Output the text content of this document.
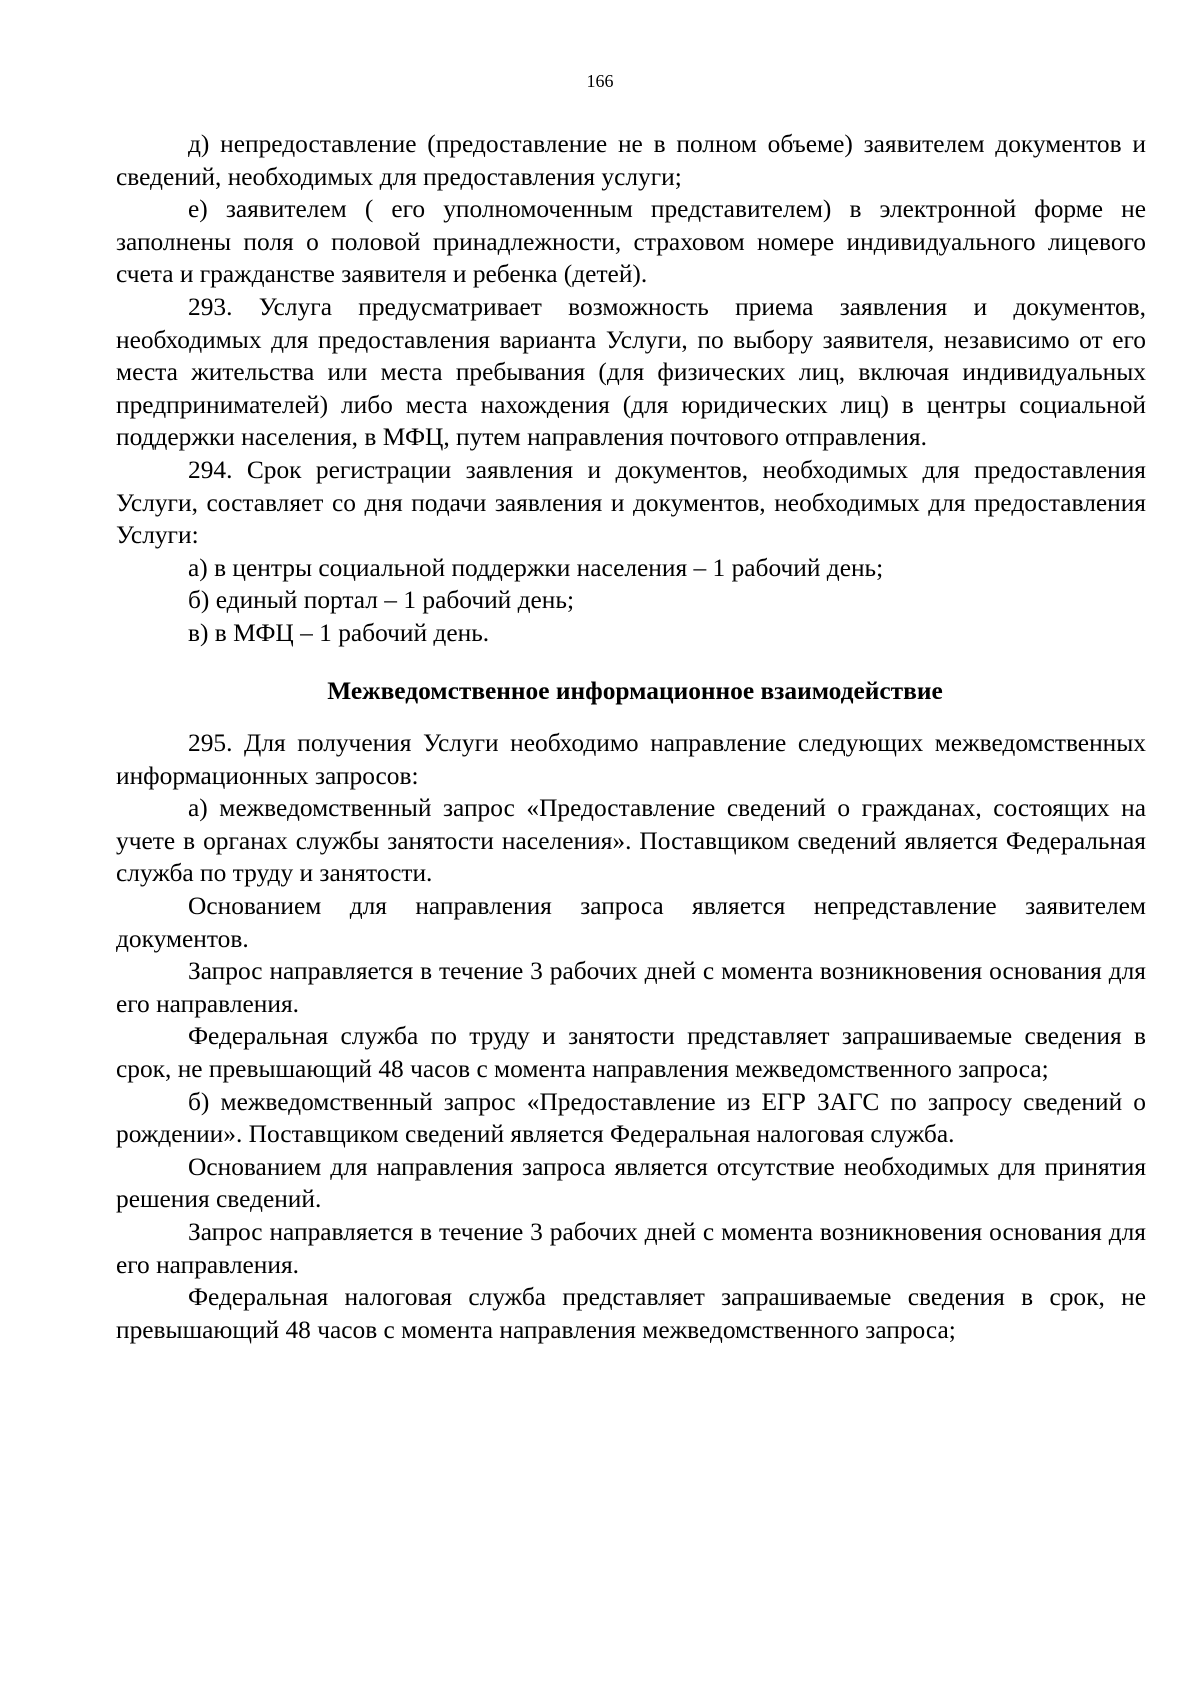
166

д) непредоставление (предоставление не в полном объеме) заявителем документов и сведений, необходимых для предоставления услуги;

е) заявителем ( его уполномоченным представителем) в электронной форме не заполнены поля о половой принадлежности, страховом номере индивидуального лицевого счета и гражданстве заявителя и ребенка (детей).

293. Услуга предусматривает возможность приема заявления и документов, необходимых для предоставления варианта Услуги, по выбору заявителя, независимо от его места жительства или места пребывания (для физических лиц, включая индивидуальных предпринимателей) либо места нахождения (для юридических лиц) в центры социальной поддержки населения, в МФЦ, путем направления почтового отправления.

294. Срок регистрации заявления и документов, необходимых для предоставления Услуги, составляет со дня подачи заявления и документов, необходимых для предоставления Услуги:

а) в центры социальной поддержки населения – 1 рабочий день;

б) единый портал – 1 рабочий день;

в) в МФЦ – 1 рабочий день.

Межведомственное информационное взаимодействие

295. Для получения Услуги необходимо направление следующих межведомственных информационных запросов:

а) межведомственный запрос «Предоставление сведений о гражданах, состоящих на учете в органах службы занятости населения». Поставщиком сведений является Федеральная служба по труду и занятости.

Основанием для направления запроса является непредставление заявителем документов.

Запрос направляется в течение 3 рабочих дней с момента возникновения основания для его направления.

Федеральная служба по труду и занятости представляет запрашиваемые сведения в срок, не превышающий 48 часов с момента направления межведомственного запроса;

б) межведомственный запрос «Предоставление из ЕГР ЗАГС по запросу сведений о рождении». Поставщиком сведений является Федеральная налоговая служба.

Основанием для направления запроса является отсутствие необходимых для принятия решения сведений.

Запрос направляется в течение 3 рабочих дней с момента возникновения основания для его направления.

Федеральная налоговая служба представляет запрашиваемые сведения в срок, не превышающий 48 часов с момента направления межведомственного запроса;
